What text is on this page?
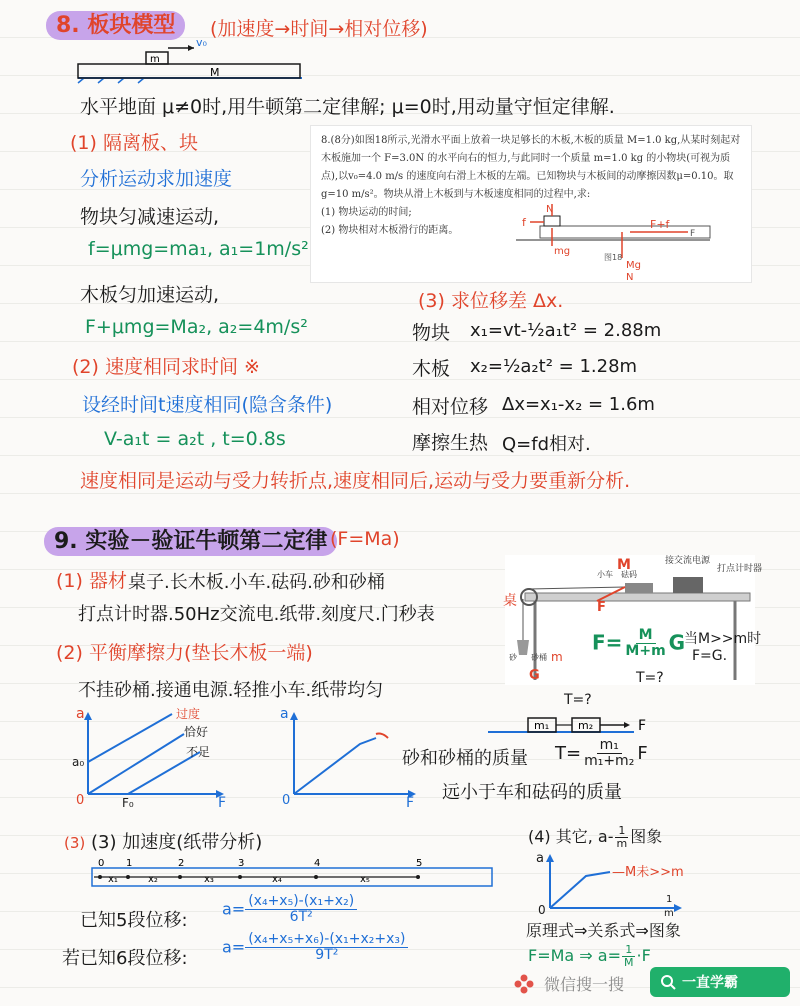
8. 板块模型	(加速度→时间→相对位移)
m
M
v₀
水平地面 μ≠0时,用牛顿第二定律解; μ=0时,用动量守恒定律解.
(1) 隔离板、块
分析运动求加速度
物块匀减速运动,
f=μmg=ma₁, a₁=1m/s²
木板匀加速运动,
F+μmg=Ma₂, a₂=4m/s²
(2) 速度相同求时间 ※
设经时间t速度相同(隐含条件)
V-a₁t = a₂t , t=0.8s

8.(8分)如图18所示,光滑水平面上放着一块足够长的木板,木板的质量 M=1.0 kg,从某时刻起对木板施加一个 F=3.0N 的水平向右的恒力,与此同时一个质量 m=1.0 kg 的小物块(可视为质点),以v₀=4.0 m/s 的速度向右滑上木板的左端。已知物块与木板间的动摩擦因数μ=0.10。取 g=10 m/s²。物块从滑上木板到与木板速度相同的过程中,求:

(1) 物块运动的时间;

(2) 物块相对木板滑行的距离。

N
f
mg
F+f
F
Mg
N
图18
(3) 求位移差 Δx.
物块 x₁=vt-½a₁t² = 2.88m
木板 x₂=½a₂t² = 1.28m
相对位移 Δx=x₁-x₂ = 1.6m
摩擦生热 Q=fd相对.
速度相同是运动与受力转折点,速度相同后,运动与受力要重新分析.
9. 实验－验证牛顿第二定律 (F=Ma)
(1) 器材 桌子.长木板.小车.砝码.砂和砂桶
打点计时器.50Hz交流电.纸带.刻度尺.门秒表
(2) 平衡摩擦力(垫长木板一端)
不挂砂桶.接通电源.轻推小车.纸带均匀
接交流电源
打点计时器
小车 砝码
M
F
砂 砂桶 m
G
桌
$F= \frac{M}{M+m}$ G
当M>>m时
F=G.
T=?
a
0
a₀
F₀	F
过度
恰好
不足
a
0	F
T=?
m₁	m₂	F
砂和砂桶的质量 $T= \frac{\text{m₁}}{\text{m₁+m₂}}$ F
远小于车和砝码的质量
(3) (3) 加速度(纸带分析)
0 1	2	3	4	5
x₁	x₂	x₃	x₄	x₅
已知5段位移:
$a= \frac{\text{(x₄+x₅)-(x₁+x₂)}}{\text{6T²}}$
若已知6段位移:
$a= \frac{\text{(x₄+x₅+x₆)-(x₁+x₂+x₃)}}{\text{9T²}}$
(4) 其它, $a- \frac{1}{m}$ 图象
a
0
1
m
—M未>>m
原理式⇒关系式⇒图象
F=Ma ⇒ $a= \frac{1}{M} \cdot F$
微信搜一搜	一直学霸
